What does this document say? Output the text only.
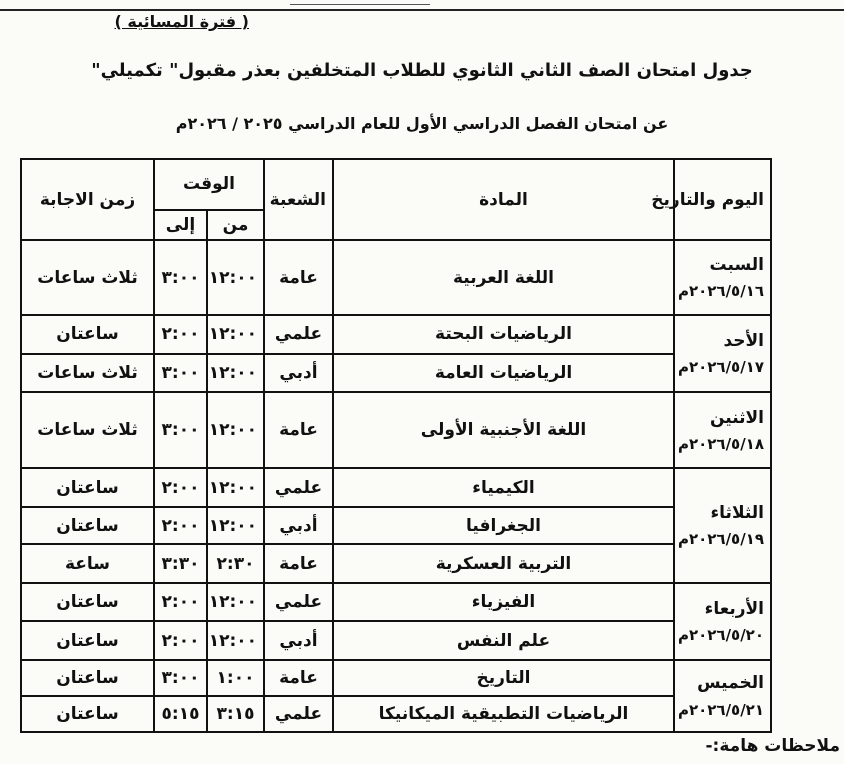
( فترة المسائية )
جدول امتحان الصف الثاني الثانوي للطلاب المتخلفين بعذر مقبول" تكميلي"
عن امتحان الفصل الدراسي الأول للعام الدراسي ٢٠٢٥ / ٢٠٢٦م
اليوم والتاريخ	المادة	الشعبة	الوقت		زمن الاجابة
			من	إلى	
السبت
٢٠٢٦/٥/١٦م	اللغة العربية	عامة	١٢:٠٠	٣:٠٠	ثلاث ساعات
الأحد
٢٠٢٦/٥/١٧م	الرياضيات البحتة	علمي	١٢:٠٠	٢:٠٠	ساعتان
	الرياضيات العامة	أدبي	١٢:٠٠	٣:٠٠	ثلاث ساعات
الاثنين
٢٠٢٦/٥/١٨م	اللغة الأجنبية الأولى	عامة	١٢:٠٠	٣:٠٠	ثلاث ساعات
الثلاثاء
٢٠٢٦/٥/١٩م	الكيمياء	علمي	١٢:٠٠	٢:٠٠	ساعتان
	الجغرافيا	أدبي	١٢:٠٠	٢:٠٠	ساعتان
	التربية العسكرية	عامة	٢:٣٠	٣:٣٠	ساعة
الأربعاء
٢٠٢٦/٥/٢٠م	الفيزياء	علمي	١٢:٠٠	٢:٠٠	ساعتان
	علم النفس	أدبي	١٢:٠٠	٢:٠٠	ساعتان
الخميس
٢٠٢٦/٥/٢١م	التاريخ	عامة	١:٠٠	٣:٠٠	ساعتان
	الرياضيات التطبيقية الميكانيكا	علمي	٣:١٥	٥:١٥	ساعتان
ملاحظات هامة:-
